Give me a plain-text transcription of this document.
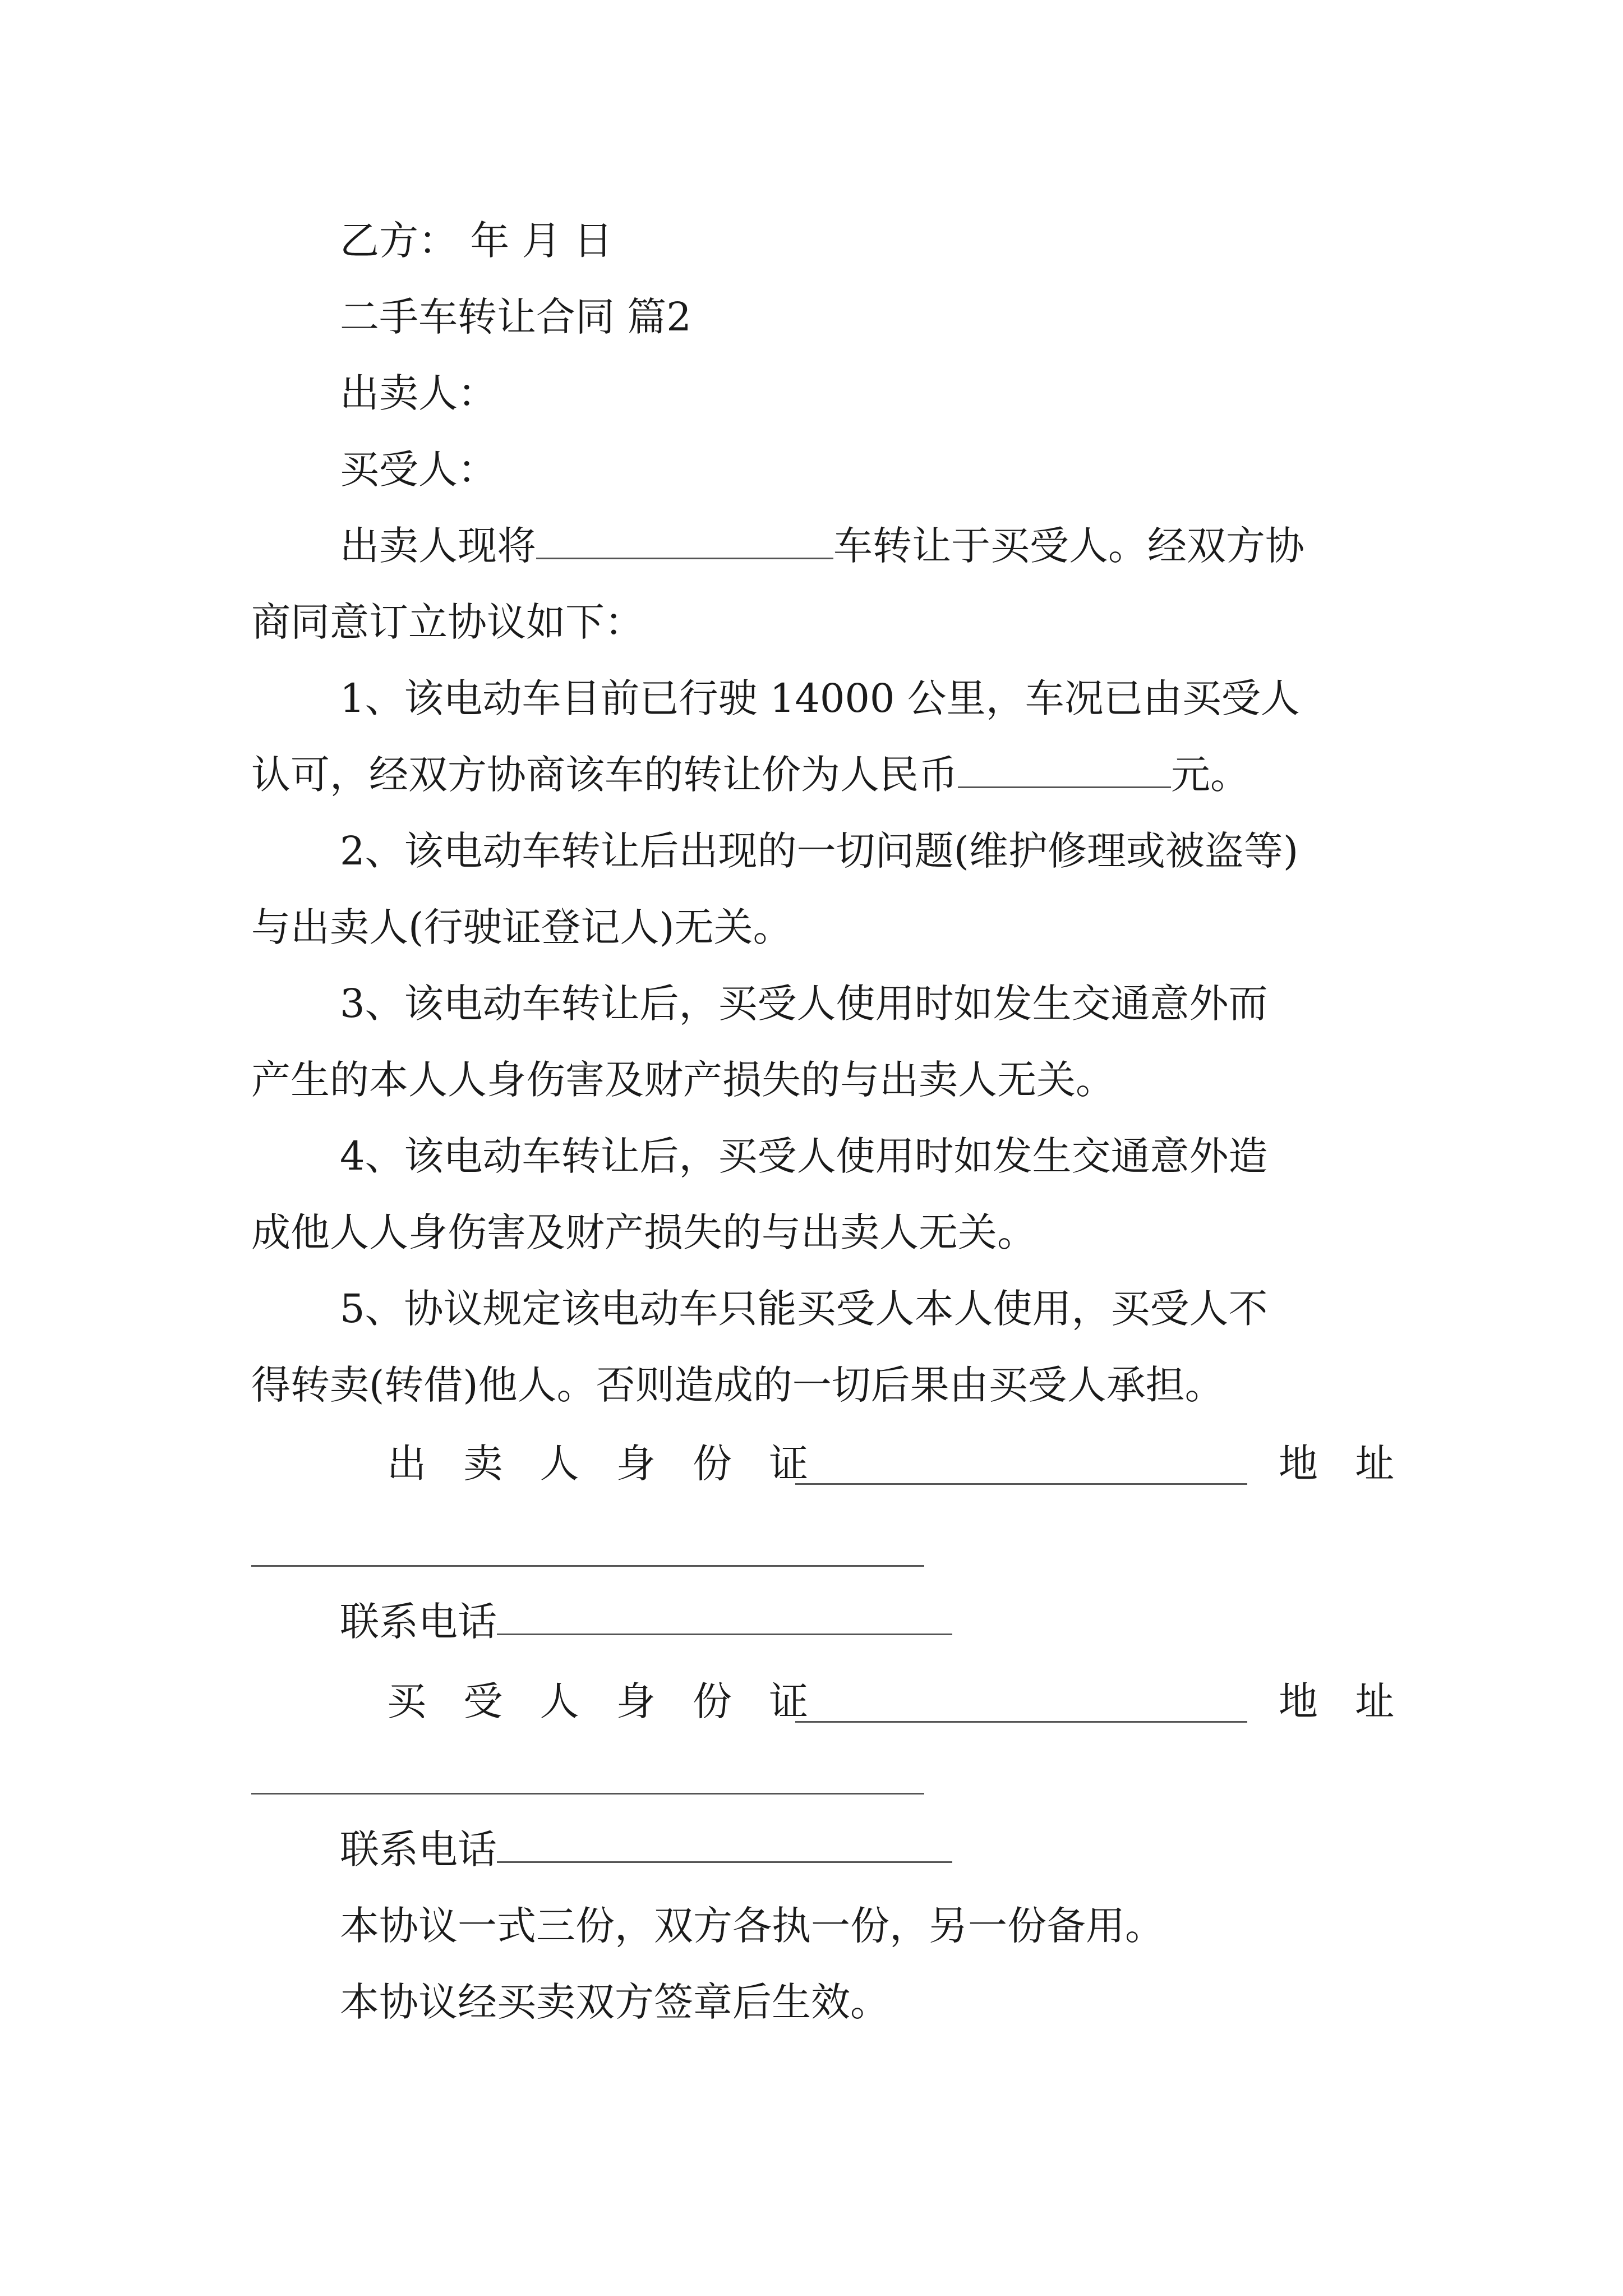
乙方： 年 月 日

二手车转让合同 篇2

出卖人：

买受人：

出卖人现将	车转让于买受人。经双方协

商同意订立协议如下：

1、该电动车目前已行驶 14000 公里，车况已由买受人

认可，经双方协商该车的转让价为人民币	元。

2、该电动车转让后出现的一切问题(维护修理或被盗等)

与出卖人(行驶证登记人)无关。

3、该电动车转让后，买受人使用时如发生交通意外而

产生的本人人身伤害及财产损失的与出卖人无关。

4、该电动车转让后，买受人使用时如发生交通意外造

成他人人身伤害及财产损失的与出卖人无关。

5、协议规定该电动车只能买受人本人使用，买受人不

得转卖(转借)他人。否则造成的一切后果由买受人承担。

出 卖 人 身 份 证	地 址

联系电话

买 受 人 身 份 证	地 址

联系电话

本协议一式三份，双方各执一份，另一份备用。

本协议经买卖双方签章后生效。
